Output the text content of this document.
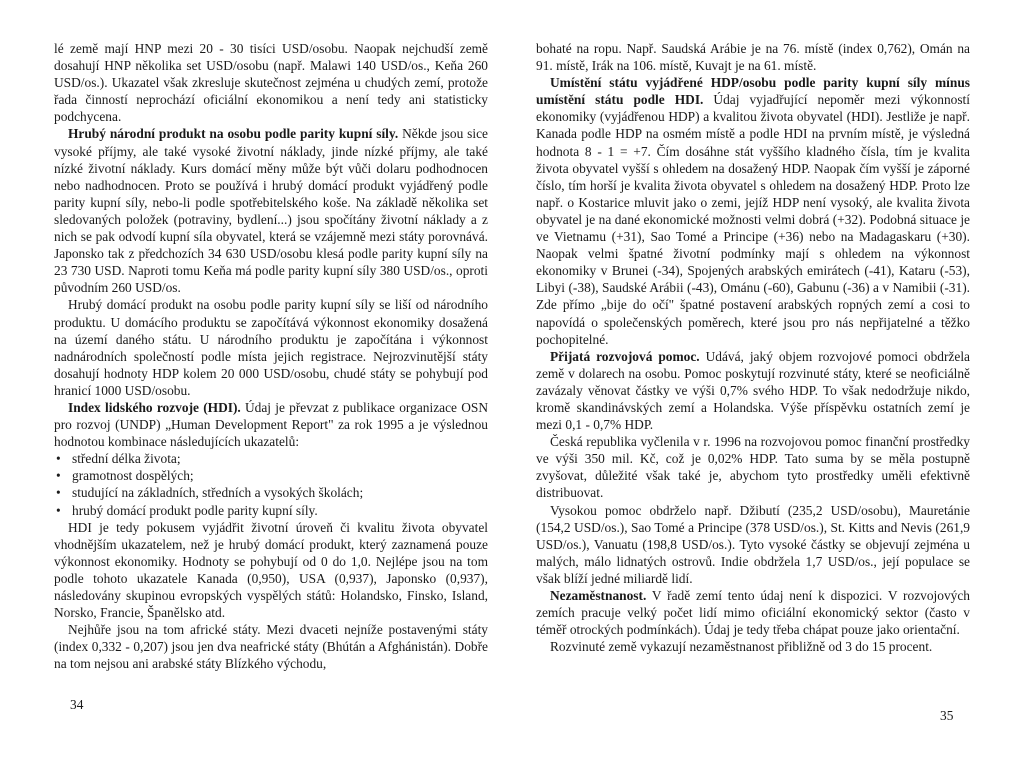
lé země mají HNP mezi 20 - 30 tisíci USD/osobu. Naopak nejchudší země dosahují HNP několika set USD/osobu (např. Malawi 140 USD/os., Keňa 260 USD/os.). Ukazatel však zkresluje skutečnost zejména u chudých zemí, protože řada činností neprochází oficiální ekonomikou a není tedy ani statisticky podchycena.

Hrubý národní produkt na osobu podle parity kupní síly. Někde jsou sice vysoké příjmy, ale také vysoké životní náklady, jinde nízké příjmy, ale také nízké životní náklady. Kurs domácí měny může být vůči dolaru podhodnocen nebo nadhodnocen. Proto se používá i hrubý domácí produkt vyjádřený podle parity kupní síly, nebo-li podle spotřebitelského koše. Na základě několika set sledovaných položek (potraviny, bydlení...) jsou spočítány životní náklady a z nich se pak odvodí kupní síla obyvatel, která se vzájemně mezi státy porovnává. Japonsko tak z předchozích 34 630 USD/osobu klesá podle parity kupní síly na 23 730 USD. Naproti tomu Keňa má podle parity kupní síly 380 USD/os., oproti původním 260 USD/os.

Hrubý domácí produkt na osobu podle parity kupní síly se liší od národního produktu. U domácího produktu se započítává výkonnost ekonomiky dosažená na území daného státu. U národního produktu je započítána i výkonnost nadnárodních společností podle místa jejich registrace. Nejrozvinutější státy dosahují hodnoty HDP kolem 20 000 USD/osobu, chudé státy se pohybují pod hranicí 1000 USD/osobu.

Index lidského rozvoje (HDI). Údaj je převzat z publikace organizace OSN pro rozvoj (UNDP) „Human Development Report" za rok 1995 a je výslednou hodnotou kombinace následujících ukazatelů:

• střední délka života;
• gramotnost dospělých;
• studující na základních, středních a vysokých školách;
• hrubý domácí produkt podle parity kupní síly.

HDI je tedy pokusem vyjádřit životní úroveň či kvalitu života obyvatel vhodnějším ukazatelem, než je hrubý domácí produkt, který zaznamená pouze výkonnost ekonomiky. Hodnoty se pohybují od 0 do 1,0. Nejlépe jsou na tom podle tohoto ukazatele Kanada (0,950), USA (0,937), Japonsko (0,937), následovány skupinou evropských vyspělých států: Holandsko, Finsko, Island, Norsko, Francie, Španělsko atd.

Nejhůře jsou na tom africké státy. Mezi dvaceti nejníže postavenými státy (index 0,332 - 0,207) jsou jen dva neafrické státy (Bhútán a Afghánistán). Dobře na tom nejsou ani arabské státy Blízkého východu,

bohaté na ropu. Např. Saudská Arábie je na 76. místě (index 0,762), Omán na 91. místě, Irák na 106. místě, Kuvajt je na 61. místě.

Umístění státu vyjádřené HDP/osobu podle parity kupní síly mínus umístění státu podle HDI. Údaj vyjadřující nepoměr mezi výkonností ekonomiky (vyjádřenou HDP) a kvalitou života obyvatel (HDI). Jestliže je např. Kanada podle HDP na osmém místě a podle HDI na prvním místě, je výsledná hodnota 8 - 1 = +7. Čím dosáhne stát vyššího kladného čísla, tím je kvalita života obyvatel vyšší s ohledem na dosažený HDP. Naopak čím vyšší je záporné číslo, tím horší je kvalita života obyvatel s ohledem na dosažený HDP. Proto lze např. o Kostarice mluvit jako o zemi, jejíž HDP není vysoký, ale kvalita života obyvatel je na dané ekonomické možnosti velmi dobrá (+32). Podobná situace je ve Vietnamu (+31), Sao Tomé a Principe (+36) nebo na Madagaskaru (+30). Naopak velmi špatné životní podmínky mají s ohledem na výkonnost ekonomiky v Brunei (-34), Spojených arabských emirátech (-41), Kataru (-53), Libyi (-38), Saudské Arábii (-43), Ománu (-60), Gabunu (-36) a v Namibii (-31). Zde přímo „bije do očí" špatné postavení arabských ropných zemí a cosi to napovídá o společenských poměrech, které jsou pro nás nepřijatelné a těžko pochopitelné.

Přijatá rozvojová pomoc. Udává, jaký objem rozvojové pomoci obdržela země v dolarech na osobu. Pomoc poskytují rozvinuté státy, které se neoficiálně zavázaly věnovat částky ve výši 0,7% svého HDP. To však nedodržuje nikdo, kromě skandinávských zemí a Holandska. Výše příspěvku ostatních zemí je mezi 0,1 - 0,7% HDP.

Česká republika vyčlenila v r. 1996 na rozvojovou pomoc finanční prostředky ve výši 350 mil. Kč, což je 0,02% HDP. Tato suma by se měla postupně zvyšovat, důležité však také je, abychom tyto prostředky uměli efektivně distribuovat.

Vysokou pomoc obdrželo např. Džibutí (235,2 USD/osobu), Mauretánie (154,2 USD/os.), Sao Tomé a Principe (378 USD/os.), St. Kitts and Nevis (261,9 USD/os.), Vanuatu (198,8 USD/os.). Tyto vysoké částky se objevují zejména u malých, málo lidnatých ostrovů. Indie obdržela 1,7 USD/os., její populace se však blíží jedné miliardě lidí.

Nezaměstnanost. V řadě zemí tento údaj není k dispozici. V rozvojových zemích pracuje velký počet lidí mimo oficiální ekonomický sektor (často v téměř otrockých podmínkách). Údaj je tedy třeba chápat pouze jako orientační.

Rozvinuté země vykazují nezaměstnanost přibližně od 3 do 15 procent.

34
35
